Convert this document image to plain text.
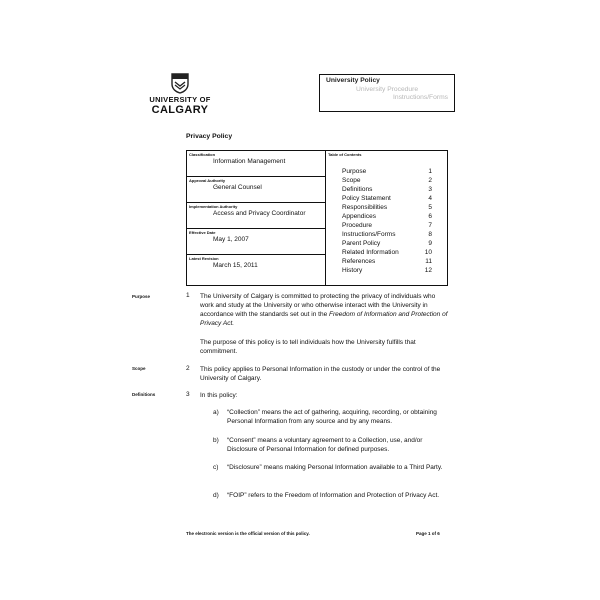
UNIVERSITY OF
CALGARY
University Policy
University Procedure
Instructions/Forms
Privacy Policy
Classification
Information Management
Approval Authority
General Counsel
Implementation Authority
Access and Privacy Coordinator
Effective Date
May 1, 2007
Latest Revision
March 15, 2011
Table of Contents
Purpose	1
Scope	2
Definitions	3
Policy Statement	4
Responsibilities	5
Appendices	6
Procedure	7
Instructions/Forms	8
Parent Policy	9
Related Information	10
References	11
History	12
Purpose	1 The University of Calgary is committed to protecting the privacy of individuals who work and study at the University or who otherwise interact with the University in accordance with the standards set out in the Freedom of Information and Protection of Privacy Act.
The purpose of this policy is to tell individuals how the University fulfills that commitment.
Scope	2 This policy applies to Personal Information in the custody or under the control of the University of Calgary.
Definitions	3 In this policy:
a)	“Collection” means the act of gathering, acquiring, recording, or obtaining Personal Information from any source and by any means.
b)	“Consent” means a voluntary agreement to a Collection, use, and/or Disclosure of Personal Information for defined purposes.
c)	“Disclosure” means making Personal Information available to a Third Party.
d)	“FOIP” refers to the Freedom of Information and Protection of Privacy Act.
The electronic version is the official version of this policy.	Page 1 of 6
